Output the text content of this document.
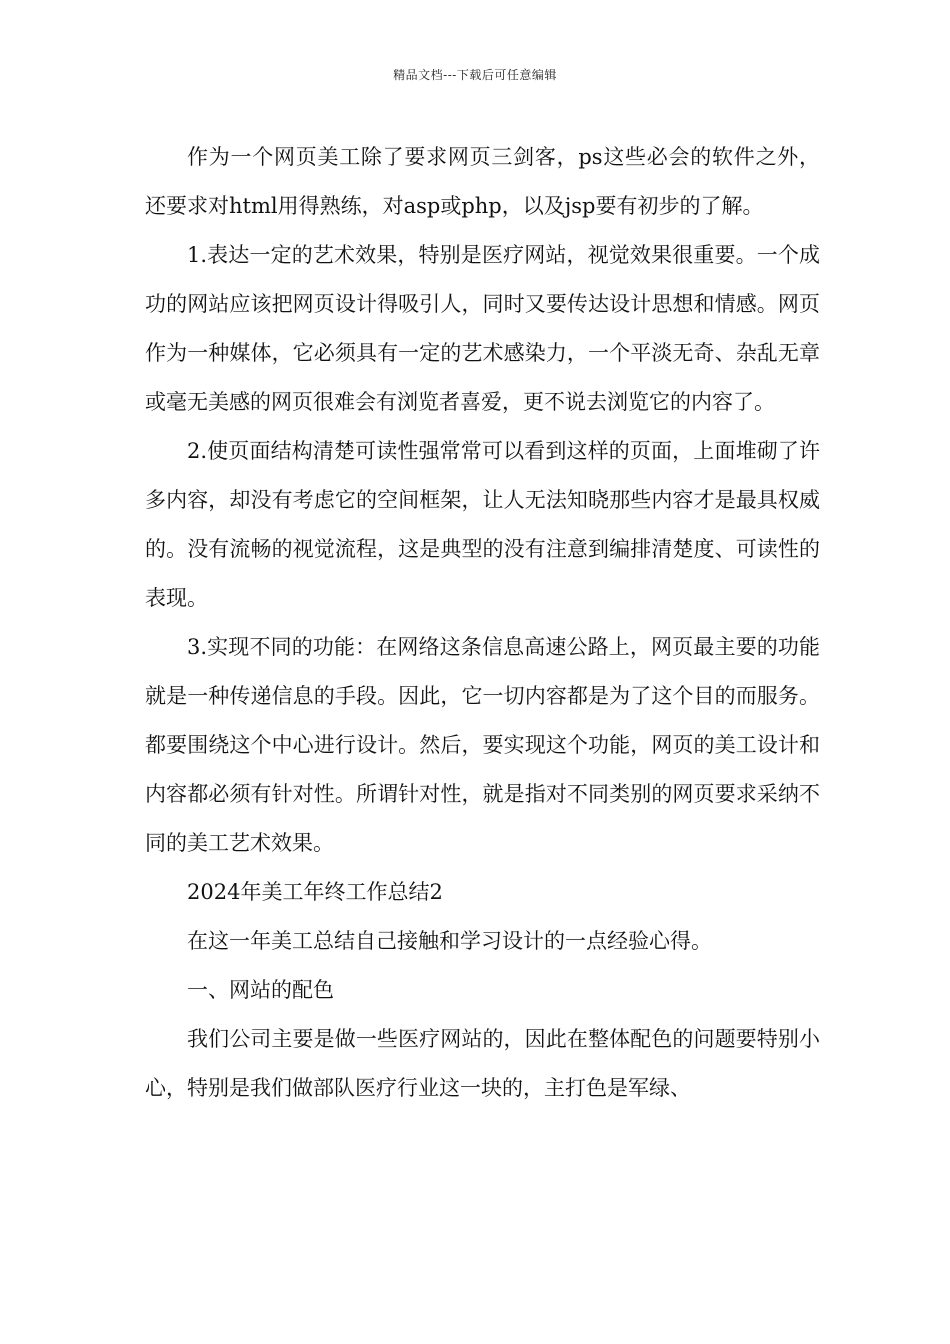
精品文档---下载后可任意编辑

作为一个网页美工除了要求网页三剑客，ps这些必会的软件之外，还要求对html用得熟练，对asp或php，以及jsp要有初步的了解。

1.表达一定的艺术效果，特别是医疗网站，视觉效果很重要。一个成功的网站应该把网页设计得吸引人，同时又要传达设计思想和情感。网页作为一种媒体，它必须具有一定的艺术感染力，一个平淡无奇、杂乱无章或毫无美感的网页很难会有浏览者喜爱，更不说去浏览它的内容了。

2.使页面结构清楚可读性强常常可以看到这样的页面，上面堆砌了许多内容，却没有考虑它的空间框架，让人无法知晓那些内容才是最具权威的。没有流畅的视觉流程，这是典型的没有注意到编排清楚度、可读性的表现。

3.实现不同的功能：在网络这条信息高速公路上，网页最主要的功能就是一种传递信息的手段。因此，它一切内容都是为了这个目的而服务。都要围绕这个中心进行设计。然后，要实现这个功能，网页的美工设计和内容都必须有针对性。所谓针对性，就是指对不同类别的网页要求采纳不同的美工艺术效果。

2024年美工年终工作总结2

在这一年美工总结自己接触和学习设计的一点经验心得。

一、网站的配色

我们公司主要是做一些医疗网站的，因此在整体配色的问题要特别小心，特别是我们做部队医疗行业这一块的，主打色是军绿、
